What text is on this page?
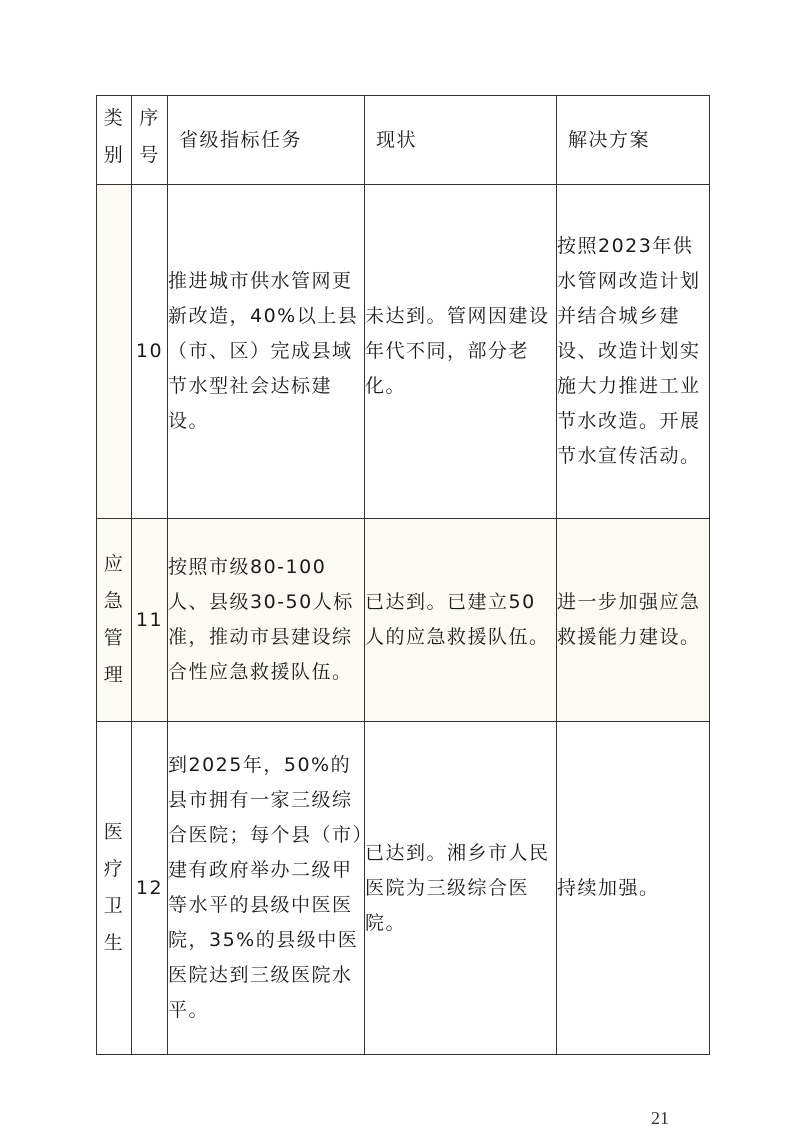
类别	序号	省级指标任务	现状	解决方案
	10	推进城市供水管网更新改造，40%以上县（市、区）完成县域节水型社会达标建设。	未达到。管网因建设年代不同，部分老化。	按照2023年供水管网改造计划并结合城乡建设、改造计划实施大力推进工业节水改造。开展节水宣传活动。
应急管理	11	按照市级80-100人、县级30-50人标准，推动市县建设综合性应急救援队伍。	已达到。已建立50人的应急救援队伍。	进一步加强应急救援能力建设。
医疗卫生	12	到2025年，50%的县市拥有一家三级综合医院；每个县（市）建有政府举办二级甲等水平的县级中医医院，35%的县级中医医院达到三级医院水平。	已达到。湘乡市人民医院为三级综合医院。	持续加强。
21
